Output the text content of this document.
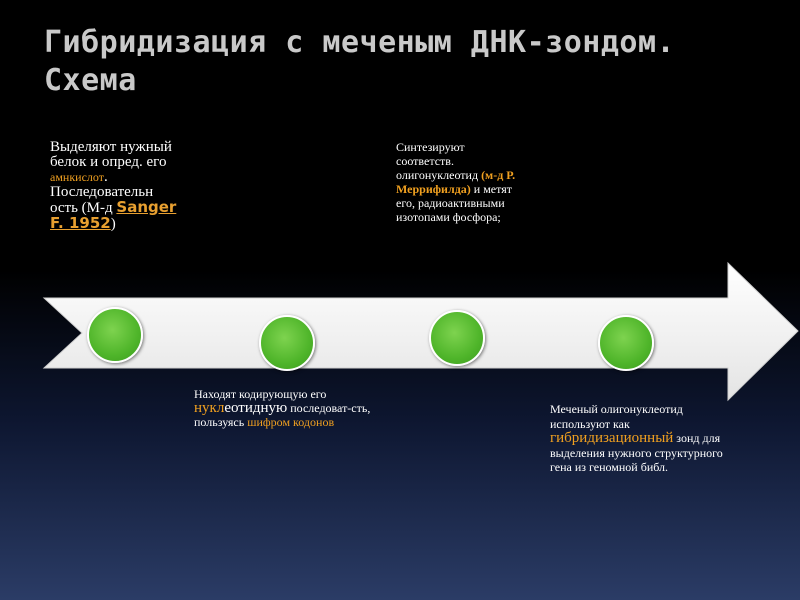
Гибридизация с меченым ДНК-зондом.
Схема
Выделяют нужный белок и опред. его амнкислот. Последовательн ость (М-д Sanger F. 1952)
Синтезируют соответств. олигонуклеотид (м-д Р. Меррифилда) и метят его, радиоактивными изотопами фосфора;
Находят кодирующую его нуклеотидную последоват-сть, пользуясь шифром кодонов
Меченый олигонуклеотид используют как гибридизационный зонд для выделения нужного структурного гена из геномной библ.
